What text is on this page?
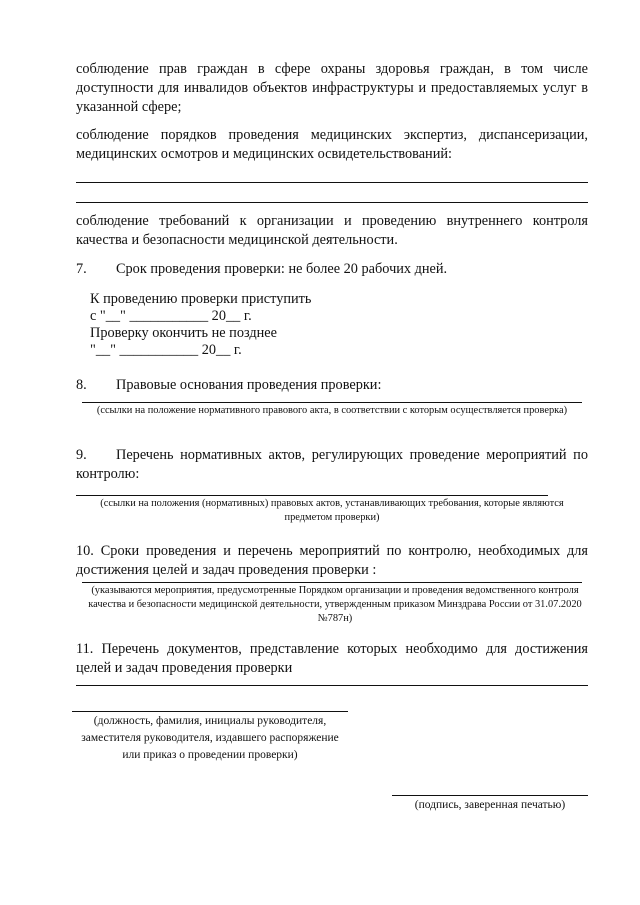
соблюдение прав граждан в сфере охраны здоровья граждан, в том числе доступности для инвалидов объектов инфраструктуры и предоставляемых услуг в указанной сфере;

соблюдение порядков проведения медицинских экспертиз, диспансеризации, медицинских осмотров и медицинских освидетельствований:

соблюдение требований к организации и проведению внутреннего контроля качества и безопасности медицинской деятельности.

7. Срок проведения проверки: не более 20 рабочих дней.

К проведению проверки приступить

с "__" ___________ 20__ г.

Проверку окончить не позднее

"__" ___________ 20__ г.

8. Правовые основания проведения проверки:

(ссылки на положение нормативного правового акта, в соответствии с которым осуществляется проверка)

9. Перечень нормативных актов, регулирующих проведение мероприятий по контролю:

(ссылки на положения (нормативных) правовых актов, устанавливающих требования, которые являются предметом проверки)

10. Сроки проведения и перечень мероприятий по контролю, необходимых для достижения целей и задач проведения проверки :

(указываются мероприятия, предусмотренные Порядком организации и проведения ведомственного контроля качества и безопасности медицинской деятельности, утвержденным приказом Минздрава России от 31.07.2020 №787н)

11. Перечень документов, представление которых необходимо для достижения целей и задач проведения проверки

(должность, фамилия, инициалы руководителя, заместителя руководителя, издавшего распоряжение или приказ о проведении проверки)

(подпись, заверенная печатью)
